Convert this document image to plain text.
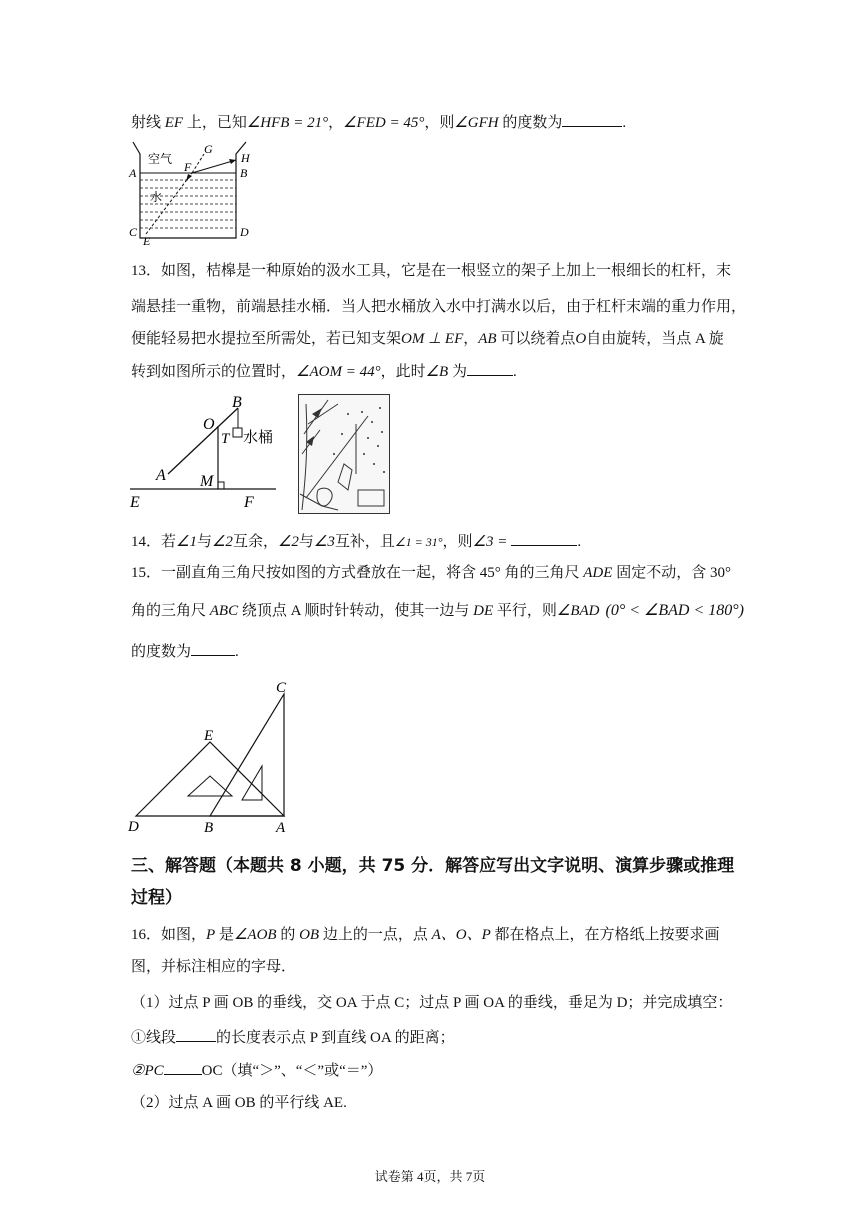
射线 EF 上，已知∠HFB = 21°，∠FED = 45°，则∠GFH 的度数为	.
空气
水
A	B
C	D
E
F
G
H
13．如图，桔槔是一种原始的汲水工具，它是在一根竖立的架子上加上一根细长的杠杆，末
端悬挂一重物，前端悬挂水桶．当人把水桶放入水中打满水以后，由于杠杆末端的重力作用，
便能轻易把水提拉至所需处，若已知支架OM ⊥ EF，AB 可以绕着点O自由旋转，当点 A 旋
转到如图所示的位置时，∠AOM = 44°，此时∠B 为	.
B
O
T 水桶
A M
E	F
14．若∠1与∠2互余，∠2与∠3互补，且∠1 = 31°，则∠3 =	.
15．一副直角三角尺按如图的方式叠放在一起，将含 45° 角的三角尺 ADE 固定不动，含 30°
角的三角尺 ABC 绕顶点 A 顺时针转动，使其一边与 DE 平行，则∠BAD (0° < ∠BAD < 180°)
的度数为	.
C
E
D	B	A
三、解答题（本题共 8 小题，共 75 分．解答应写出文字说明、演算步骤或推理
过程）
16．如图，P 是∠AOB 的 OB 边上的一点，点 A、O、P 都在格点上，在方格纸上按要求画
图，并标注相应的字母．
（1）过点 P 画 OB 的垂线，交 OA 于点 C；过点 P 画 OA 的垂线，垂足为 D；并完成填空：
①线段	的长度表示点 P 到直线 OA 的距离；
②PC	OC（填“＞”、“＜”或“＝”）
（2）过点 A 画 OB 的平行线 AE.
试卷第 4页，共 7页
